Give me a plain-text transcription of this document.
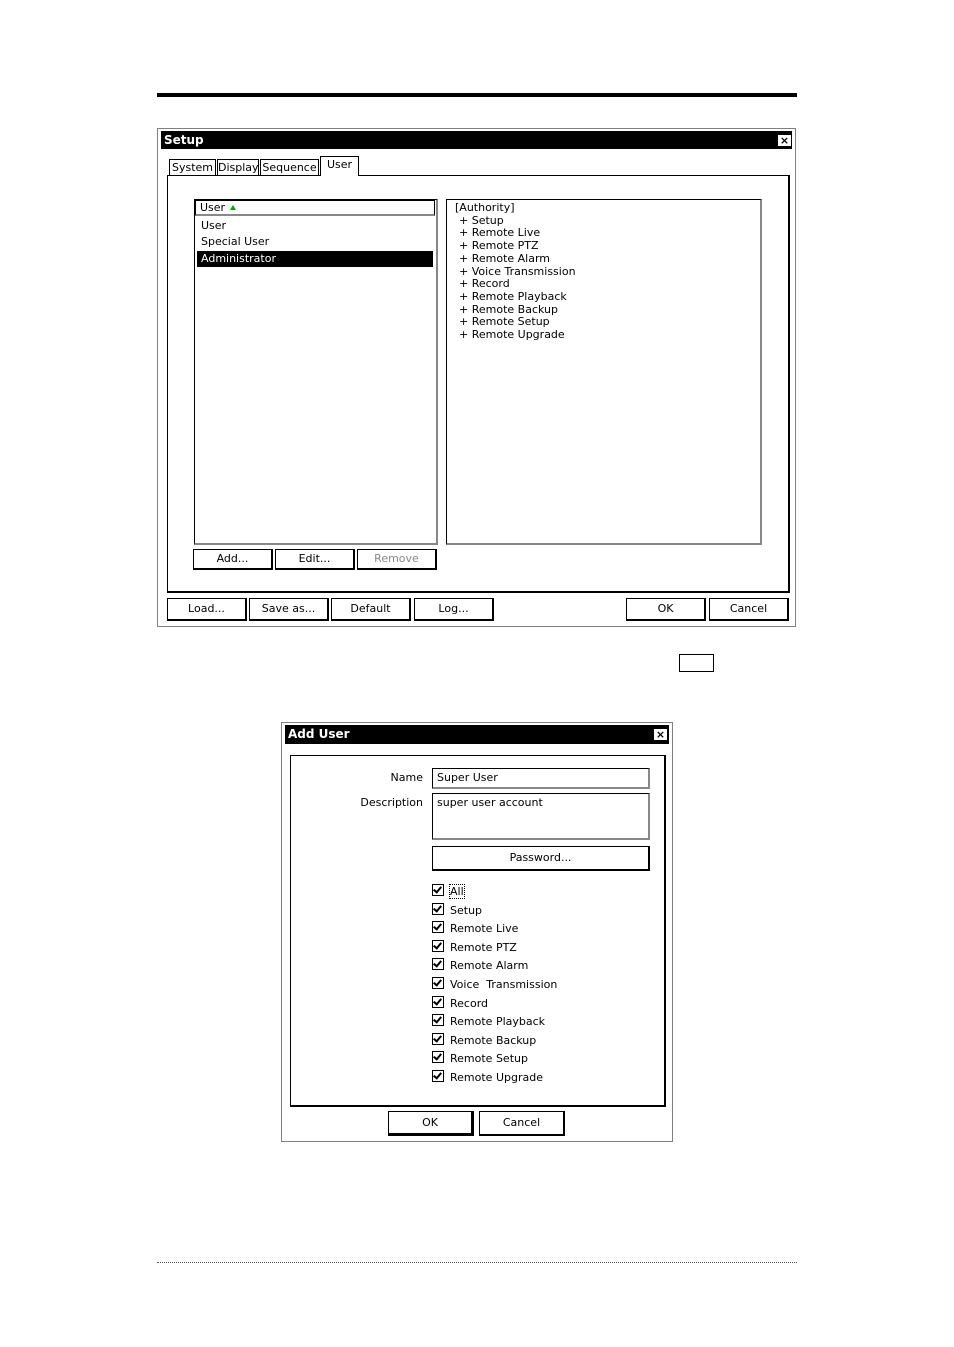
Setup	×
System Display Sequence User
User
User
Special User
Administrator
[Authority]
+ Setup
+ Remote Live
+ Remote PTZ
+ Remote Alarm
+ Voice Transmission
+ Record
+ Remote Playback
+ Remote Backup
+ Remote Setup
+ Remote Upgrade
Add...	Edit...	Remove
Load...	Save as...	Default	Log...	OK	Cancel
Add User	×
Name	Super User
Description	super user account
Password...
All
Setup
Remote Live
Remote PTZ
Remote Alarm
Voice  Transmission
Record
Remote Playback
Remote Backup
Remote Setup
Remote Upgrade
OK	Cancel
